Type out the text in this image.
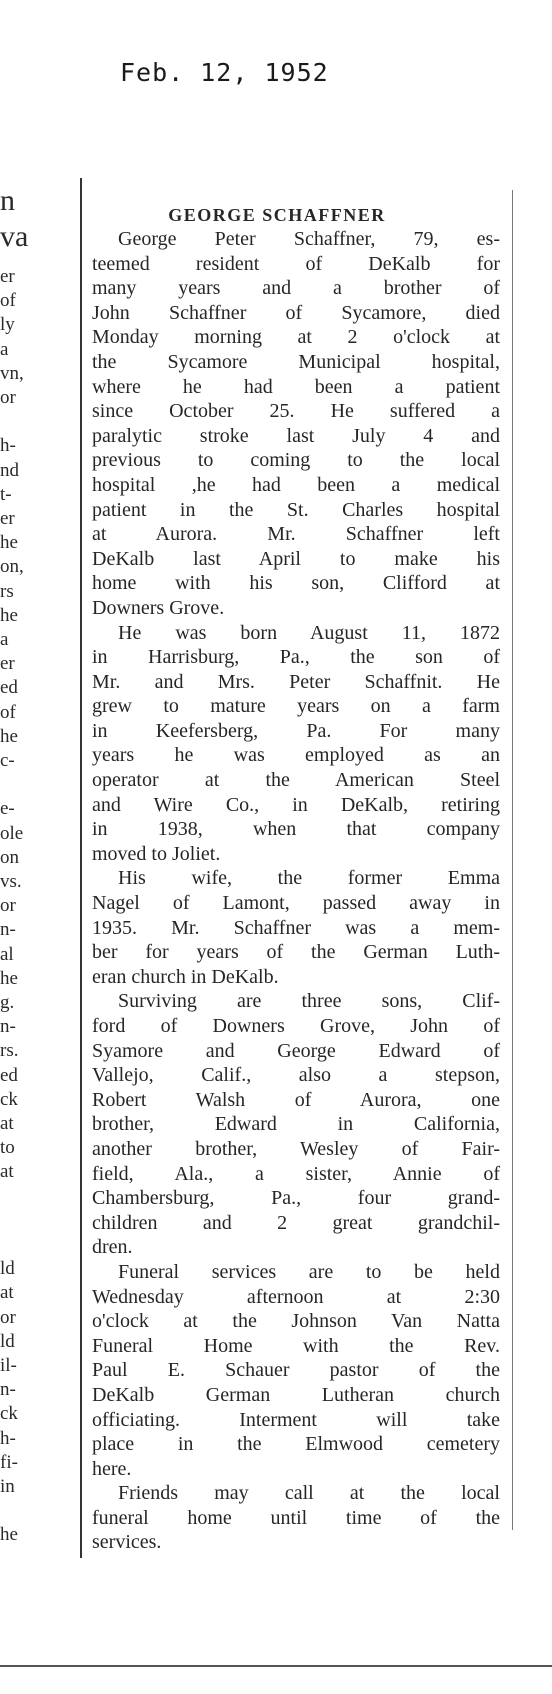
Feb. 12, 1952
n
va
er
of
ly
a
vn,
or
h-
nd
t-
er
he
on,
rs
he
a
er
ed
of
he
c-
e-
ole
on
vs.
or
n-
al
he
g.
n-
rs.
ed
ck
at
to
at
ld
at
or
ld
il-
n-
ck
h-
fi-
in
he
GEORGE SCHAFFNER
George Peter Schaffner, 79, es-
teemed resident of DeKalb for
many years and a brother of
John Schaffner of Sycamore, died
Monday morning at 2 o'clock at
the Sycamore Municipal hospital,
where he had been a patient
since October 25. He suffered a
paralytic stroke last July 4 and
previous to coming to the local
hospital ,he had been a medical
patient in the St. Charles hospital
at Aurora. Mr. Schaffner left
DeKalb last April to make his
home with his son, Clifford at
Downers Grove.
He was born August 11, 1872
in Harrisburg, Pa., the son of
Mr. and Mrs. Peter Schaffnit. He
grew to mature years on a farm
in Keefersberg, Pa. For many
years he was employed as an
operator at the American Steel
and Wire Co., in DeKalb, retiring
in 1938, when that company
moved to Joliet.
His wife, the former Emma
Nagel of Lamont, passed away in
1935. Mr. Schaffner was a mem-
ber for years of the German Luth-
eran church in DeKalb.
Surviving are three sons, Clif-
ford of Downers Grove, John of
Syamore and George Edward of
Vallejo, Calif., also a stepson,
Robert Walsh of Aurora, one
brother, Edward in California,
another brother, Wesley of Fair-
field, Ala., a sister, Annie of
Chambersburg, Pa., four grand-
children and 2 great grandchil-
dren.
Funeral services are to be held
Wednesday afternoon at 2:30
o'clock at the Johnson Van Natta
Funeral Home with the Rev.
Paul E. Schauer pastor of the
DeKalb German Lutheran church
officiating. Interment will take
place in the Elmwood cemetery
here.
Friends may call at the local
funeral home until time of the
services.
